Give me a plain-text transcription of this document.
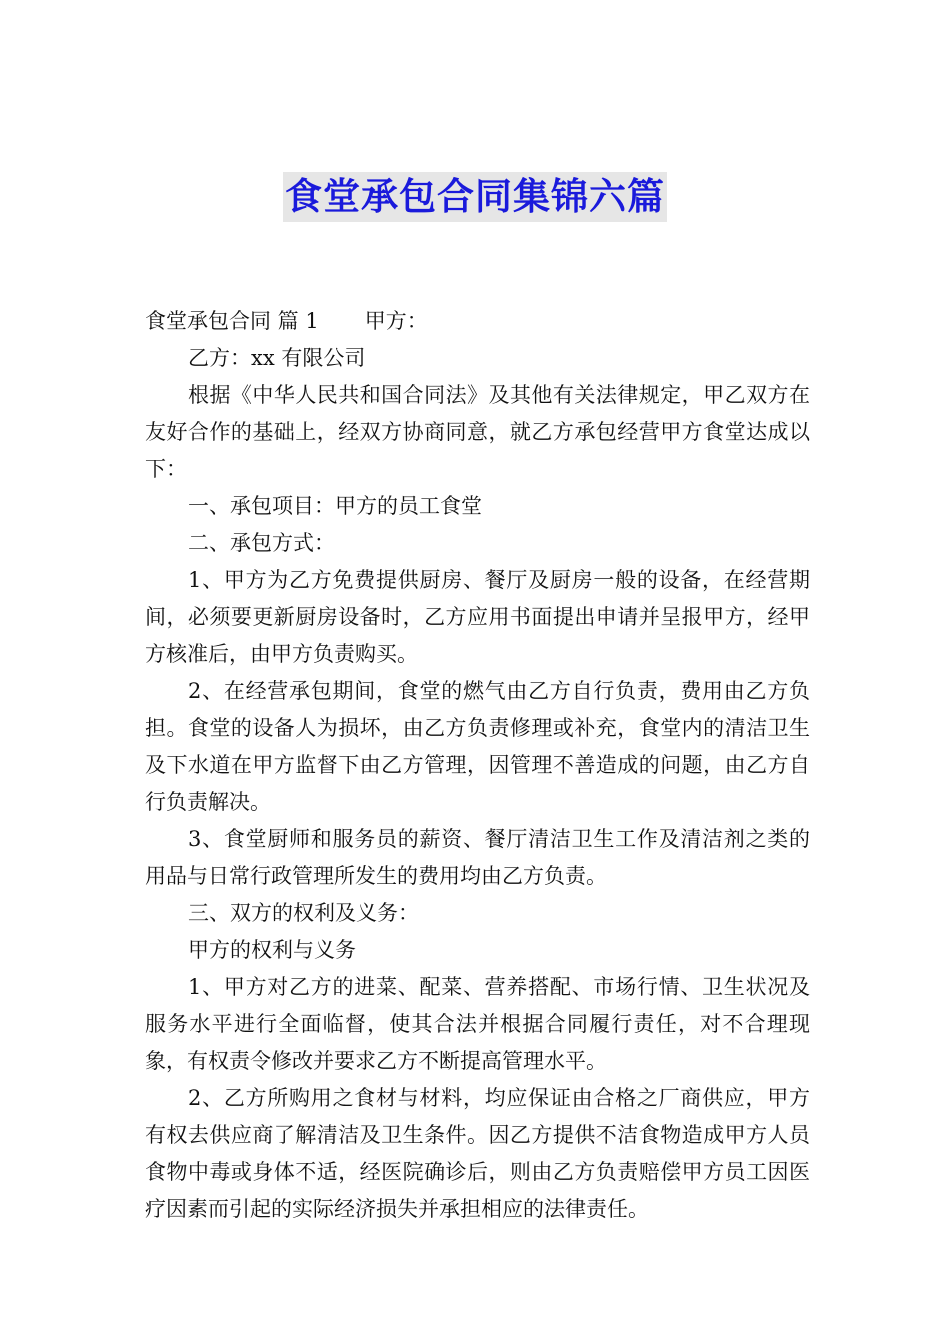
食堂承包合同集锦六篇

食堂承包合同 篇 1 甲方：

乙方：xx 有限公司

根据《中华人民共和国合同法》及其他有关法律规定，甲乙双方在友好合作的基础上，经双方协商同意，就乙方承包经营甲方食堂达成以下：

一、承包项目：甲方的员工食堂

二、承包方式：

1、甲方为乙方免费提供厨房、餐厅及厨房一般的设备，在经营期间，必须要更新厨房设备时，乙方应用书面提出申请并呈报甲方，经甲方核准后，由甲方负责购买。

2、在经营承包期间，食堂的燃气由乙方自行负责，费用由乙方负担。食堂的设备人为损坏，由乙方负责修理或补充，食堂内的清洁卫生及下水道在甲方监督下由乙方管理，因管理不善造成的问题，由乙方自行负责解决。

3、食堂厨师和服务员的薪资、餐厅清洁卫生工作及清洁剂之类的用品与日常行政管理所发生的费用均由乙方负责。

三、双方的权利及义务：

甲方的权利与义务

1、甲方对乙方的进菜、配菜、营养搭配、市场行情、卫生状况及服务水平进行全面临督，使其合法并根据合同履行责任，对不合理现象，有权责令修改并要求乙方不断提高管理水平。

2、乙方所购用之食材与材料，均应保证由合格之厂商供应，甲方有权去供应商了解清洁及卫生条件。因乙方提供不洁食物造成甲方人员食物中毒或身体不适，经医院确诊后，则由乙方负责赔偿甲方员工因医疗因素而引起的实际经济损失并承担相应的法律责任。
